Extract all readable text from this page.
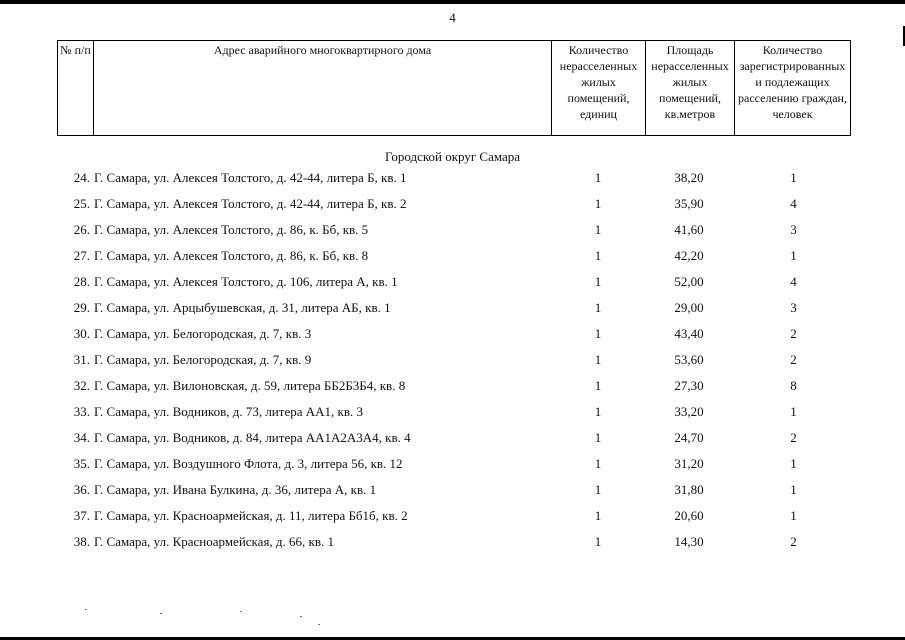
4
№ п/п	Адрес аварийного многоквартирного дома	Количество нерасселенных жилых помещений, единиц	Площадь нерасселенных жилых помещений, кв.метров	Количество зарегистрированных и подлежащих расселению граждан, человек
Городской округ Самара
24. Г. Самара, ул. Алексея Толстого, д. 42-44, литера Б, кв. 1	1	38,20	1
25. Г. Самара, ул. Алексея Толстого, д. 42-44, литера Б, кв. 2	1	35,90	4
26. Г. Самара, ул. Алексея Толстого, д. 86, к. Бб, кв. 5	1	41,60	3
27. Г. Самара, ул. Алексея Толстого, д. 86, к. Бб, кв. 8	1	42,20	1
28. Г. Самара, ул. Алексея Толстого, д. 106, литера А, кв. 1	1	52,00	4
29. Г. Самара, ул. Арцыбушевская, д. 31, литера АБ, кв. 1	1	29,00	3
30. Г. Самара, ул. Белогородская, д. 7, кв. 3	1	43,40	2
31. Г. Самара, ул. Белогородская, д. 7, кв. 9	1	53,60	2
32. Г. Самара, ул. Вилоновская, д. 59, литера ББ2Б3Б4, кв. 8	1	27,30	8
33. Г. Самара, ул. Водников, д. 73, литера АА1, кв. 3	1	33,20	1
34. Г. Самара, ул. Водников, д. 84, литера АА1А2А3А4, кв. 4	1	24,70	2
35. Г. Самара, ул. Воздушного Флота, д. 3, литера 56, кв. 12	1	31,20	1
36. Г. Самара, ул. Ивана Булкина, д. 36, литера А, кв. 1	1	31,80	1
37. Г. Самара, ул. Красноармейская, д. 11, литера Бб1б, кв. 2	1	20,60	1
38. Г. Самара, ул. Красноармейская, д. 66, кв. 1	1	14,30	2
